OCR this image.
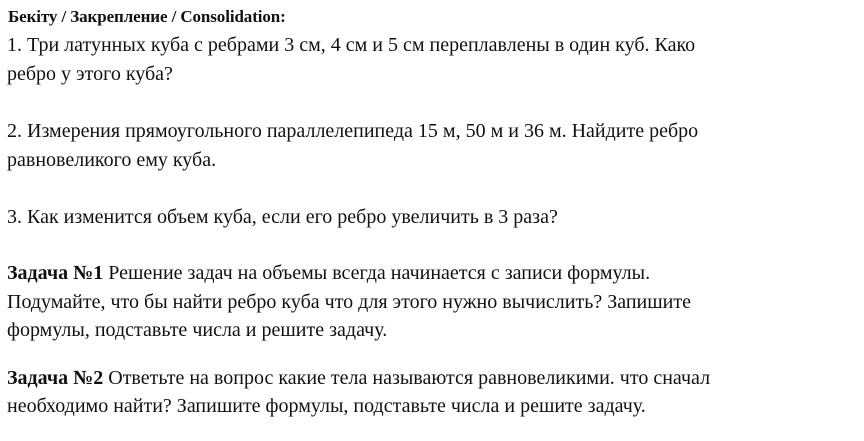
Бекіту / Закрепление / Consolidation:
1. Три латунных куба с ребрами 3 см, 4 см и 5 см переплавлены в один куб. Како
ребро у этого куба?
2. Измерения прямоугольного параллелепипеда 15 м, 50 м и 36 м. Найдите ребро
равновеликого ему куба.
3. Как изменится объем куба, если его ребро увеличить в 3 раза?
Задача №1 Решение задач на объемы всегда начинается с записи формулы.
Подумайте, что бы найти ребро куба что для этого нужно вычислить? Запишите
формулы, подставьте числа и решите задачу.
Задача №2 Ответьте на вопрос какие тела называются равновеликими. что сначал
необходимо найти? Запишите формулы, подставьте числа и решите задачу.
